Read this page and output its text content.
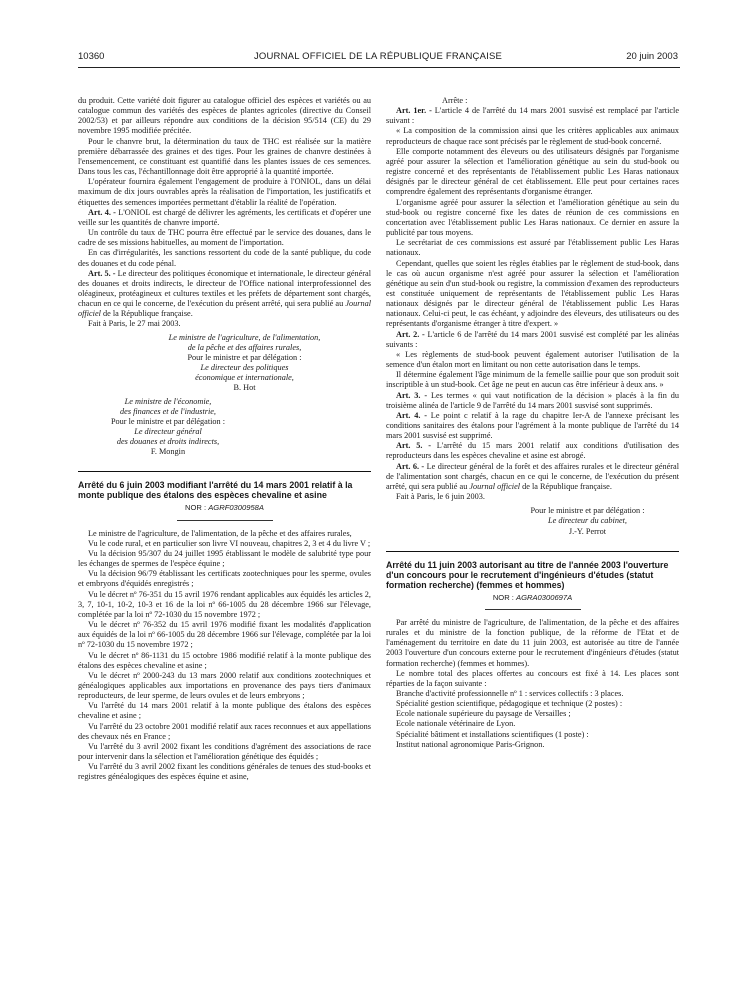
10360	JOURNAL OFFICIEL DE LA RÉPUBLIQUE FRANÇAISE	20 juin 2003

du produit. Cette variété doit figurer au catalogue officiel des espèces et variétés ou au catalogue commun des variétés des espèces de plantes agricoles (directive du Conseil 2002/53) et par ailleurs répondre aux conditions de la décision 95/514 (CE) du 29 novembre 1995 modifiée précitée.

Pour le chanvre brut, la détermination du taux de THC est réalisée sur la matière première débarrassée des graines et des tiges. Pour les graines de chanvre destinées à l'ensemencement, ce constituant est quantifié dans les plantes issues de ces semences. Dans tous les cas, l'échantillonnage doit être approprié à la quantité importée.

L'opérateur fournira également l'engagement de produire à l'ONIOL, dans un délai maximum de dix jours ouvrables après la réalisation de l'importation, les justificatifs et étiquettes des semences importées permettant d'établir la réalité de l'opération.

Art. 4. - L'ONIOL est chargé de délivrer les agréments, les certificats et d'opérer une veille sur les quantités de chanvre importé.

Un contrôle du taux de THC pourra être effectué par le service des douanes, dans le cadre de ses missions habituelles, au moment de l'importation.

En cas d'irrégularités, les sanctions ressortent du code de la santé publique, du code des douanes et du code pénal.

Art. 5. - Le directeur des politiques économique et internationale, le directeur général des douanes et droits indirects, le directeur de l'Office national interprofessionnel des oléagineux, protéagineux et cultures textiles et les préfets de département sont chargés, chacun en ce qui le concerne, de l'exécution du présent arrêté, qui sera publié au Journal officiel de la République française.

Fait à Paris, le 27 mai 2003.

Le ministre de l'agriculture, de l'alimentation,
de la pêche et des affaires rurales,
Pour le ministre et par délégation :
Le directeur des politiques
économique et internationale,
B. Hot
Le ministre de l'économie,
des finances et de l'industrie,
Pour le ministre et par délégation :
Le directeur général
des douanes et droits indirects,
F. Mongin

Arrêté du 6 juin 2003 modifiant l'arrêté du 14 mars 2001 relatif à la monte publique des étalons des espèces chevaline et asine

NOR : AGRF0300958A

Le ministre de l'agriculture, de l'alimentation, de la pêche et des affaires rurales,

Vu le code rural, et en particulier son livre VI nouveau, chapitres 2, 3 et 4 du livre V ;

Vu la décision 95/307 du 24 juillet 1995 établissant le modèle de salubrité type pour les échanges de spermes de l'espèce équine ;

Vu la décision 96/79 établissant les certificats zootechniques pour les sperme, ovules et embryons d'équidés enregistrés ;

Vu le décret nº 76-351 du 15 avril 1976 rendant applicables aux équidés les articles 2, 3, 7, 10-1, 10-2, 10-3 et 16 de la loi nº 66-1005 du 28 décembre 1966 sur l'élevage, complétée par la loi nº 72-1030 du 15 novembre 1972 ;

Vu le décret nº 76-352 du 15 avril 1976 modifié fixant les modalités d'application aux équidés de la loi nº 66-1005 du 28 décembre 1966 sur l'élevage, complétée par la loi nº 72-1030 du 15 novembre 1972 ;

Vu le décret nº 86-1131 du 15 octobre 1986 modifié relatif à la monte publique des étalons des espèces chevaline et asine ;

Vu le décret nº 2000-243 du 13 mars 2000 relatif aux conditions zootechniques et généalogiques applicables aux importations en provenance des pays tiers d'animaux reproducteurs, de leur sperme, de leurs ovules et de leurs embryons ;

Vu l'arrêté du 14 mars 2001 relatif à la monte publique des étalons des espèces chevaline et asine ;

Vu l'arrêté du 23 octobre 2001 modifié relatif aux races reconnues et aux appellations des chevaux nés en France ;

Vu l'arrêté du 3 avril 2002 fixant les conditions d'agrément des associations de race pour intervenir dans la sélection et l'amélioration génétique des équidés ;

Vu l'arrêté du 3 avril 2002 fixant les conditions générales de tenues des stud-books et registres généalogiques des espèces équine et asine,

Arrête :

Art. 1er. - L'article 4 de l'arrêté du 14 mars 2001 susvisé est remplacé par l'article suivant :

« La composition de la commission ainsi que les critères applicables aux animaux reproducteurs de chaque race sont précisés par le règlement de stud-book concerné.

Elle comporte notamment des éleveurs ou des utilisateurs désignés par l'organisme agréé pour assurer la sélection et l'amélioration génétique au sein du stud-book ou registre concerné et des représentants de l'établissement public Les Haras nationaux désignés par le directeur général de cet établissement. Elle peut pour certaines races comprendre également des représentants d'organisme étranger.

L'organisme agréé pour assurer la sélection et l'amélioration génétique au sein du stud-book ou registre concerné fixe les dates de réunion de ces commissions en concertation avec l'établissement public Les Haras nationaux. Ce dernier en assure la publicité par tous moyens.

Le secrétariat de ces commissions est assuré par l'établissement public Les Haras nationaux.

Cependant, quelles que soient les règles établies par le règlement de stud-book, dans le cas où aucun organisme n'est agréé pour assurer la sélection et l'amélioration génétique au sein d'un stud-book ou registre, la commission d'examen des reproducteurs est constituée uniquement de représentants de l'établissement public Les Haras nationaux désignés par le directeur général de l'établissement public Les Haras nationaux. Celui-ci peut, le cas échéant, y adjoindre des éleveurs, des utilisateurs ou des représentants d'organisme étranger à titre d'expert. »

Art. 2. - L'article 6 de l'arrêté du 14 mars 2001 susvisé est complété par les alinéas suivants :

« Les règlements de stud-book peuvent également autoriser l'utilisation de la semence d'un étalon mort en limitant ou non cette autorisation dans le temps.

Il détermine également l'âge minimum de la femelle saillie pour que son produit soit inscriptible à un stud-book. Cet âge ne peut en aucun cas être inférieur à deux ans. »

Art. 3. - Les termes « qui vaut notification de la décision » placés à la fin du troisième alinéa de l'article 9 de l'arrêté du 14 mars 2001 susvisé sont supprimés.

Art. 4. - Le point c relatif à la rage du chapitre Ier-A de l'annexe précisant les conditions sanitaires des étalons pour l'agrément à la monte publique de l'arrêté du 14 mars 2001 susvisé est supprimé.

Art. 5. - L'arrêté du 15 mars 2001 relatif aux conditions d'utilisation des reproducteurs dans les espèces chevaline et asine est abrogé.

Art. 6. - Le directeur général de la forêt et des affaires rurales et le directeur général de l'alimentation sont chargés, chacun en ce qui le concerne, de l'exécution du présent arrêté, qui sera publié au Journal officiel de la République française.

Fait à Paris, le 6 juin 2003.

Pour le ministre et par délégation :
Le directeur du cabinet,
J.-Y. Perrot

Arrêté du 11 juin 2003 autorisant au titre de l'année 2003 l'ouverture d'un concours pour le recrutement d'ingénieurs d'études (statut formation recherche) (femmes et hommes)

NOR : AGRA0300697A

Par arrêté du ministre de l'agriculture, de l'alimentation, de la pêche et des affaires rurales et du ministre de la fonction publique, de la réforme de l'Etat et de l'aménagement du territoire en date du 11 juin 2003, est autorisée au titre de l'année 2003 l'ouverture d'un concours externe pour le recrutement d'ingénieurs d'études (statut formation recherche) (femmes et hommes).

Le nombre total des places offertes au concours est fixé à 14. Les places sont réparties de la façon suivante :

Branche d'activité professionnelle nº 1 : services collectifs : 3 places.

Spécialité gestion scientifique, pédagogique et technique (2 postes) :

Ecole nationale supérieure du paysage de Versailles ;

Ecole nationale vétérinaire de Lyon.

Spécialité bâtiment et installations scientifiques (1 poste) :

Institut national agronomique Paris-Grignon.
